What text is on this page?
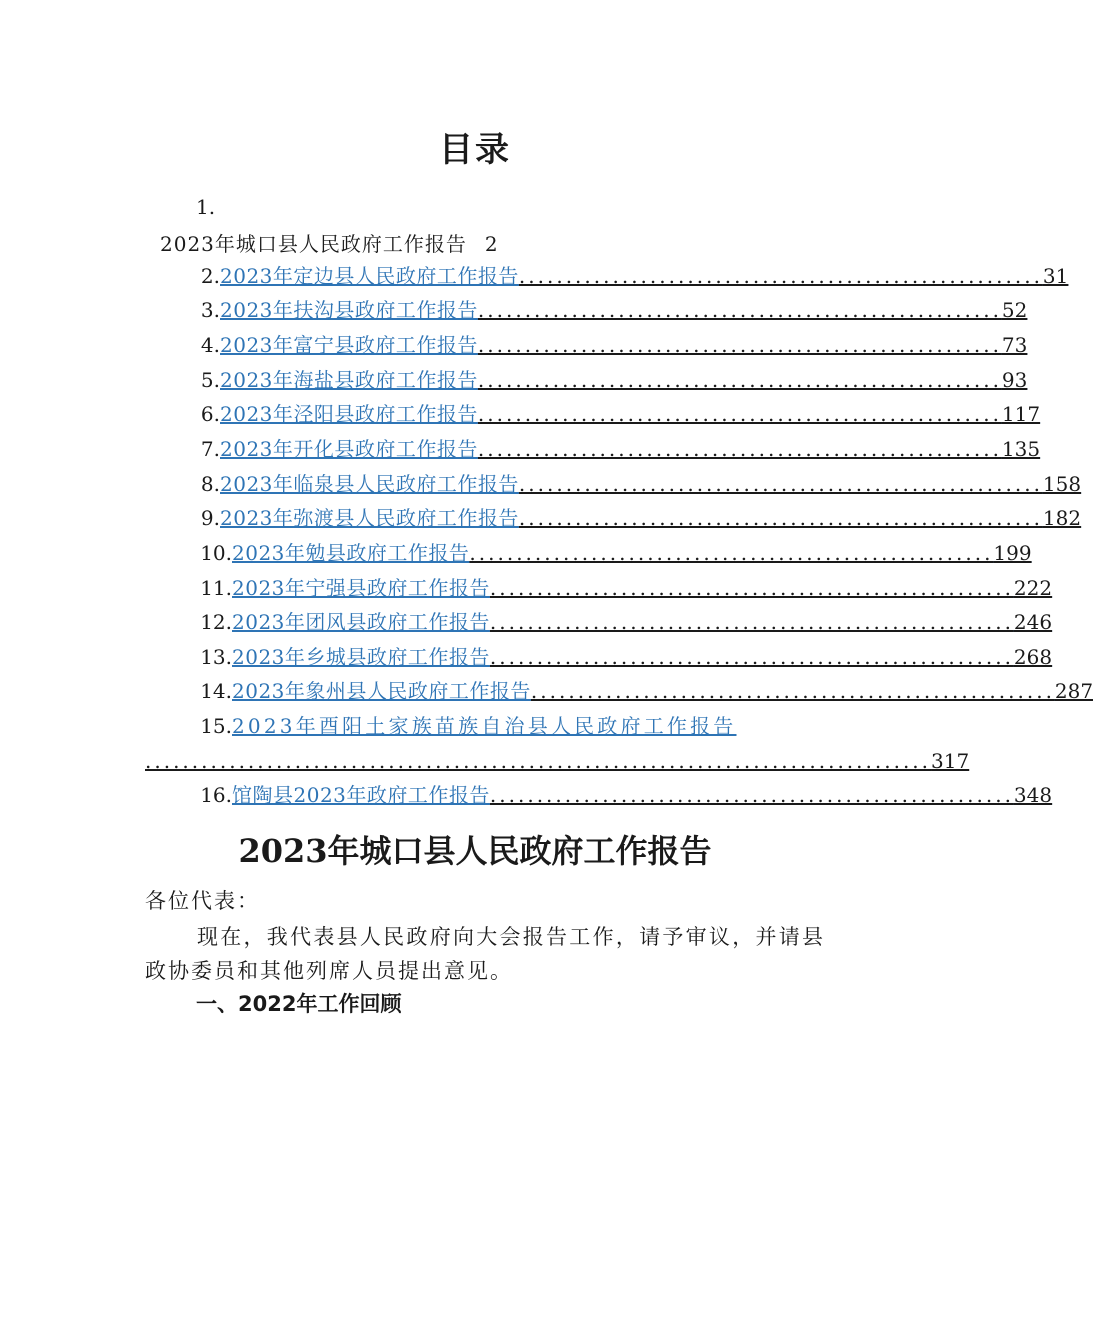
目录
1.
2023年城口县人民政府工作报告 2
2. 2023年定边县人民政府工作报告 ........................................................ 31
3. 2023年扶沟县政府工作报告 ........................................................ 52
4. 2023年富宁县政府工作报告 ........................................................ 73
5. 2023年海盐县政府工作报告 ........................................................ 93
6. 2023年泾阳县政府工作报告 ........................................................ 117
7. 2023年开化县政府工作报告 ........................................................ 135
8. 2023年临泉县人民政府工作报告 ........................................................ 158
9. 2023年弥渡县人民政府工作报告 ........................................................ 182
10. 2023年勉县政府工作报告 ........................................................ 199
11. 2023年宁强县政府工作报告 ........................................................ 222
12. 2023年团风县政府工作报告 ........................................................ 246
13. 2023年乡城县政府工作报告 ........................................................ 268
14. 2023年象州县人民政府工作报告 ........................................................ 287
15. 2023年酉阳土家族苗族自治县人民政府工作报告
.................................................................................... 317
16. 馆陶县2023年政府工作报告 ........................................................ 348
2023年城口县人民政府工作报告
各位代表：
现在，我代表县人民政府向大会报告工作，请予审议，并请县政协委员和其他列席人员提出意见。
一、2022年工作回顾
